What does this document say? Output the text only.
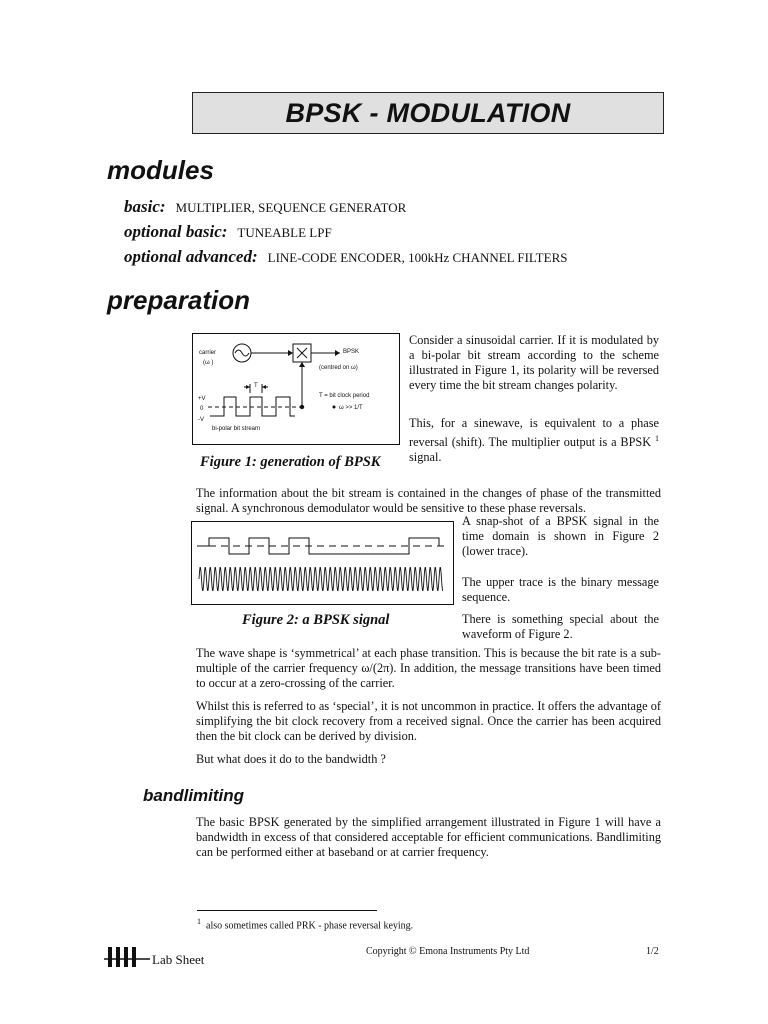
BPSK - MODULATION
modules
basic: MULTIPLIER, SEQUENCE GENERATOR
optional basic: TUNEABLE LPF
optional advanced: LINE-CODE ENCODER, 100kHz CHANNEL FILTERS
preparation
carrier
(ω )
BPSK
(centred on ω)
T
+V
0
-V
bi-polar bit stream
T = bit clock period
ω >> 1/T
Figure 1: generation of BPSK
Consider a sinusoidal carrier. If it is modulated by a bi-polar bit stream according to the scheme illustrated in Figure 1, its polarity will be reversed every time the bit stream changes polarity.
This, for a sinewave, is equivalent to a phase reversal (shift). The multiplier output is a BPSK $^1$ signal.
The information about the bit stream is contained in the changes of phase of the transmitted signal. A synchronous demodulator would be sensitive to these phase reversals.
Figure 2: a BPSK signal
A snap-shot of a BPSK signal in the time domain is shown in Figure 2 (lower trace).
The upper trace is the binary message sequence.
There is something special about the waveform of Figure 2.
The wave shape is ‘symmetrical’ at each phase transition. This is because the bit rate is a sub-multiple of the carrier frequency ω/(2π). In addition, the message transitions have been timed to occur at a zero-crossing of the carrier.
Whilst this is referred to as ‘special’, it is not uncommon in practice. It offers the advantage of simplifying the bit clock recovery from a received signal. Once the carrier has been acquired then the bit clock can be derived by division.
But what does it do to the bandwidth ?
bandlimiting
The basic BPSK generated by the simplified arrangement illustrated in Figure 1 will have a bandwidth in excess of that considered acceptable for efficient communications. Bandlimiting can be performed either at baseband or at carrier frequency.
$^1$ also sometimes called PRK - phase reversal keying.
Lab Sheet
Copyright © Emona Instruments Pty Ltd	1/2
